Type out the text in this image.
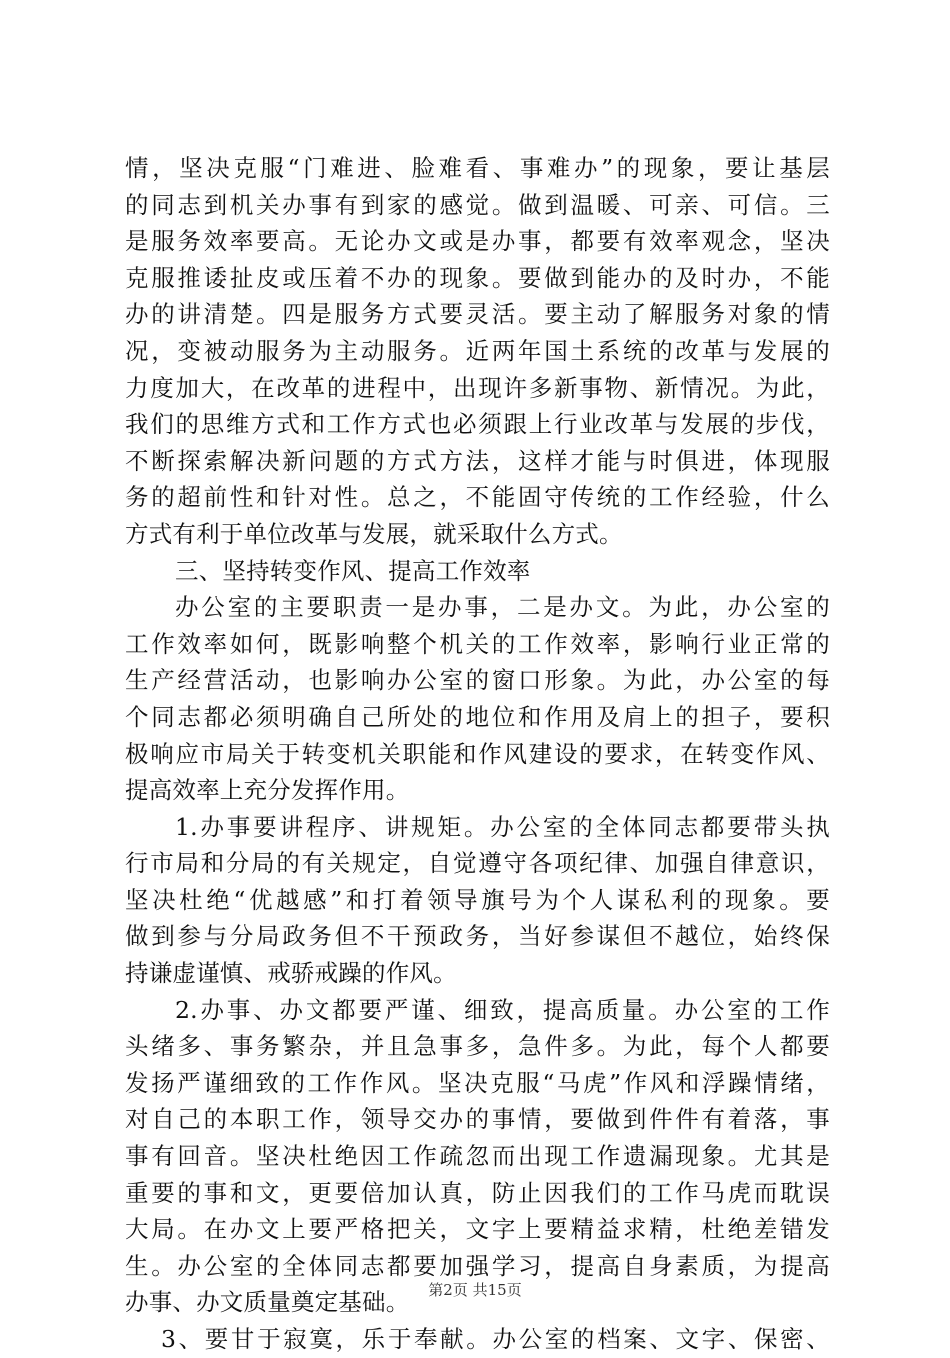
情，坚决克服“门难进、脸难看、事难办”的现象，要让基层
的同志到机关办事有到家的感觉。做到温暖、可亲、可信。三
是服务效率要高。无论办文或是办事，都要有效率观念，坚决
克服推诿扯皮或压着不办的现象。要做到能办的及时办，不能
办的讲清楚。四是服务方式要灵活。要主动了解服务对象的情
况，变被动服务为主动服务。近两年国土系统的改革与发展的
力度加大，在改革的进程中，出现许多新事物、新情况。为此，
我们的思维方式和工作方式也必须跟上行业改革与发展的步伐，
不断探索解决新问题的方式方法，这样才能与时俱进，体现服
务的超前性和针对性。总之，不能固守传统的工作经验，什么
方式有利于单位改革与发展，就采取什么方式。
三、坚持转变作风、提高工作效率
办公室的主要职责一是办事，二是办文。为此，办公室的
工作效率如何，既影响整个机关的工作效率，影响行业正常的
生产经营活动，也影响办公室的窗口形象。为此，办公室的每
个同志都必须明确自己所处的地位和作用及肩上的担子，要积
极响应市局关于转变机关职能和作风建设的要求，在转变作风、
提高效率上充分发挥作用。
1.办事要讲程序、讲规矩。办公室的全体同志都要带头执
行市局和分局的有关规定，自觉遵守各项纪律、加强自律意识，
坚决杜绝“优越感”和打着领导旗号为个人谋私利的现象。要
做到参与分局政务但不干预政务，当好参谋但不越位，始终保
持谦虚谨慎、戒骄戒躁的作风。
2.办事、办文都要严谨、细致，提高质量。办公室的工作
头绪多、事务繁杂，并且急事多，急件多。为此，每个人都要
发扬严谨细致的工作作风。坚决克服“马虎”作风和浮躁情绪，
对自己的本职工作，领导交办的事情，要做到件件有着落，事
事有回音。坚决杜绝因工作疏忽而出现工作遗漏现象。尤其是
重要的事和文，更要倍加认真，防止因我们的工作马虎而耽误
大局。在办文上要严格把关，文字上要精益求精，杜绝差错发
生。办公室的全体同志都要加强学习，提高自身素质，为提高
办事、办文质量奠定基础。
3、要甘于寂寞，乐于奉献。办公室的档案、文字、保密、
第2页 共15页
